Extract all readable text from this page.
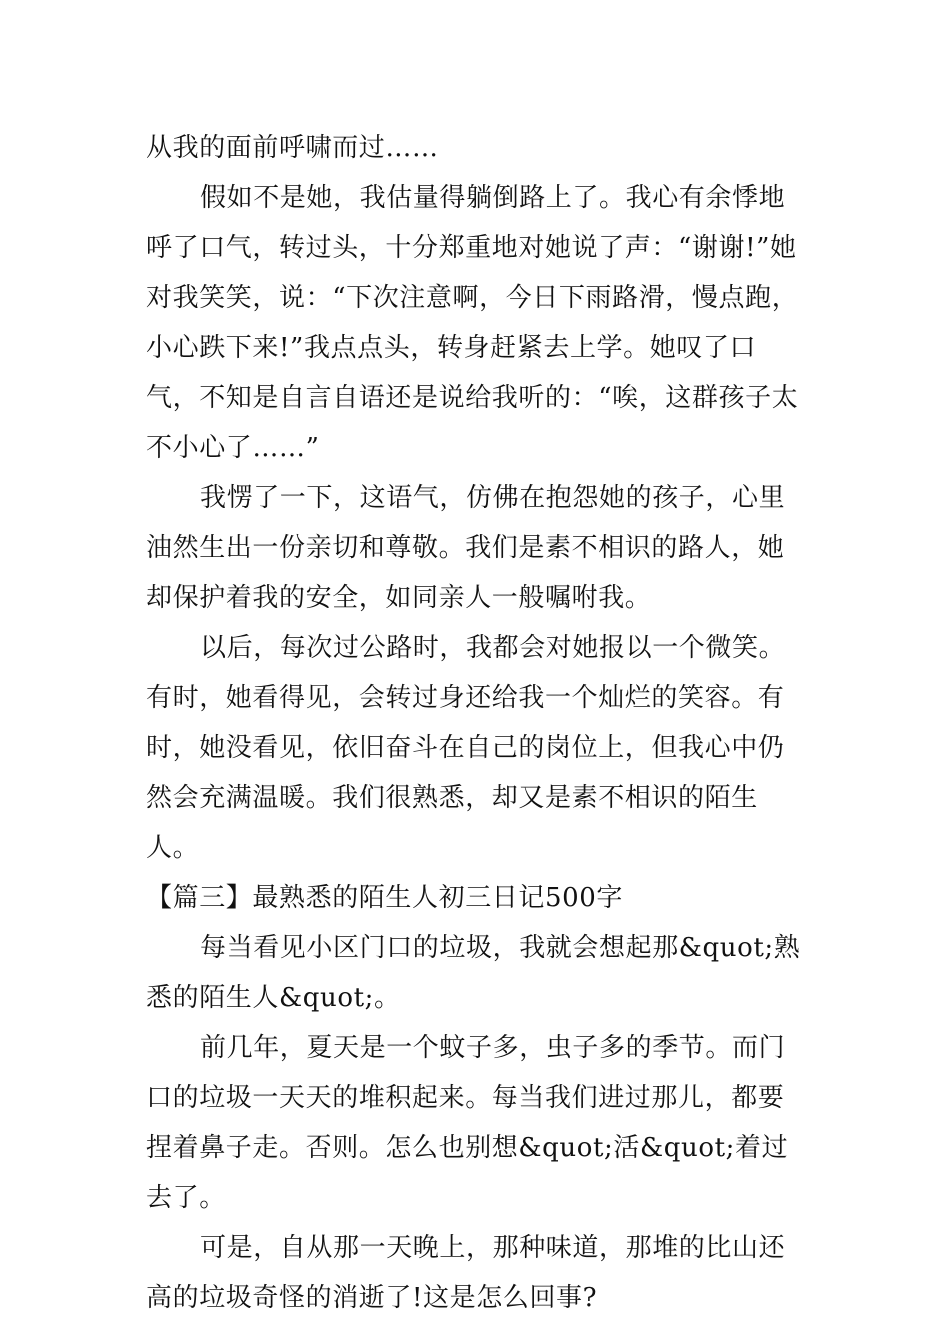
从我的面前呼啸而过……

假如不是她，我估量得躺倒路上了。我心有余悸地呼了口气，转过头，十分郑重地对她说了声：“谢谢!”她对我笑笑，说：“下次注意啊，今日下雨路滑，慢点跑，小心跌下来!”我点点头，转身赶紧去上学。她叹了口气，不知是自言自语还是说给我听的：“唉，这群孩子太不小心了……”

我愣了一下，这语气，仿佛在抱怨她的孩子，心里油然生出一份亲切和尊敬。我们是素不相识的路人，她却保护着我的安全，如同亲人一般嘱咐我。

以后，每次过公路时，我都会对她报以一个微笑。有时，她看得见，会转过身还给我一个灿烂的笑容。有时，她没看见，依旧奋斗在自己的岗位上，但我心中仍然会充满温暖。我们很熟悉，却又是素不相识的陌生人。

【篇三】最熟悉的陌生人初三日记500字

每当看见小区门口的垃圾，我就会想起那&quot;熟悉的陌生人&quot;。

前几年，夏天是一个蚊子多，虫子多的季节。而门口的垃圾一天天的堆积起来。每当我们进过那儿，都要捏着鼻子走。否则。怎么也别想&quot;活&quot;着过去了。

可是，自从那一天晚上，那种味道，那堆的比山还高的垃圾奇怪的消逝了!这是怎么回事?
